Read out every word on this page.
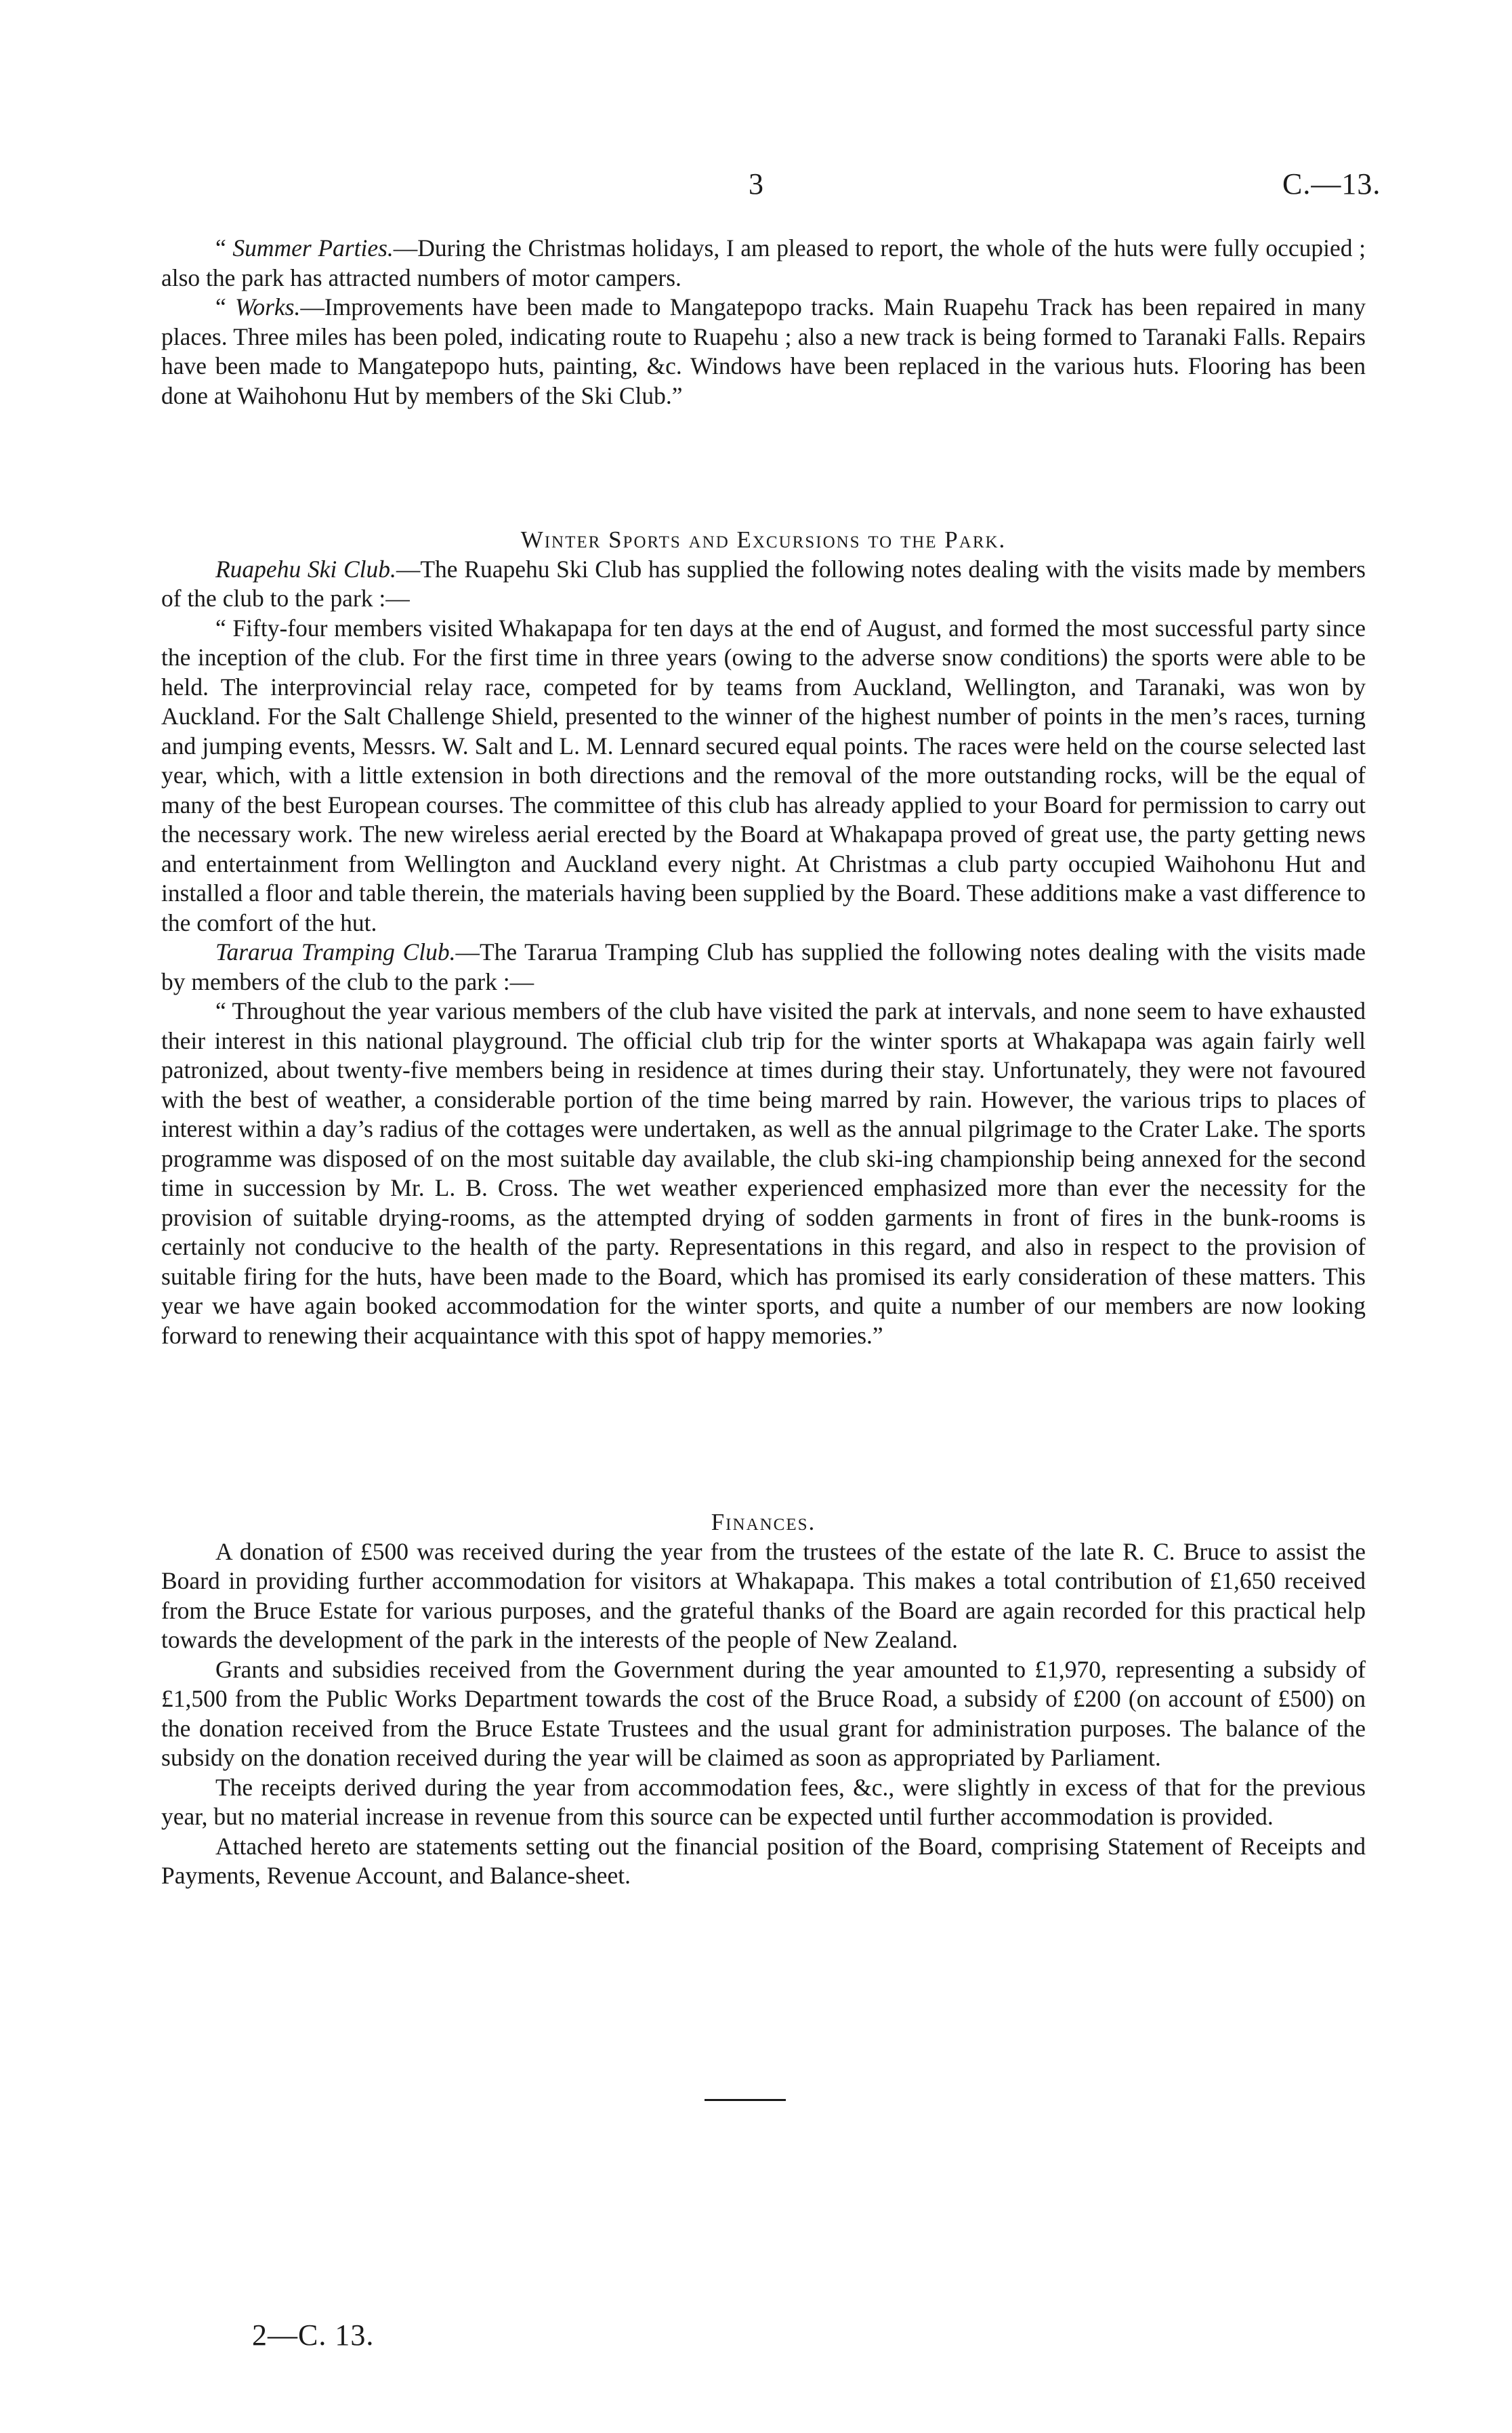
3	C.—13.

“ Summer Parties.—During the Christmas holidays, I am pleased to report, the whole of the huts were fully occupied ; also the park has attracted numbers of motor campers.

“ Works.—Improvements have been made to Mangatepopo tracks. Main Ruapehu Track has been repaired in many places. Three miles has been poled, indicating route to Ruapehu ; also a new track is being formed to Taranaki Falls. Repairs have been made to Mangatepopo huts, painting, &c. Windows have been replaced in the various huts. Flooring has been done at Waihohonu Hut by members of the Ski Club.”

Winter Sports and Excursions to the Park.

Ruapehu Ski Club.—The Ruapehu Ski Club has supplied the following notes dealing with the visits made by members of the club to the park :—

“ Fifty-four members visited Whakapapa for ten days at the end of August, and formed the most successful party since the inception of the club. For the first time in three years (owing to the adverse snow conditions) the sports were able to be held. The interprovincial relay race, competed for by teams from Auckland, Wellington, and Taranaki, was won by Auckland. For the Salt Challenge Shield, presented to the winner of the highest number of points in the men’s races, turning and jumping events, Messrs. W. Salt and L. M. Lennard secured equal points. The races were held on the course selected last year, which, with a little extension in both directions and the removal of the more outstanding rocks, will be the equal of many of the best European courses. The committee of this club has already applied to your Board for permission to carry out the necessary work. The new wireless aerial erected by the Board at Whakapapa proved of great use, the party getting news and entertainment from Wellington and Auckland every night. At Christmas a club party occupied Waihohonu Hut and installed a floor and table therein, the materials having been supplied by the Board. These additions make a vast difference to the comfort of the hut.

Tararua Tramping Club.—The Tararua Tramping Club has supplied the following notes dealing with the visits made by members of the club to the park :—

“ Throughout the year various members of the club have visited the park at intervals, and none seem to have exhausted their interest in this national playground. The official club trip for the winter sports at Whakapapa was again fairly well patronized, about twenty-five members being in residence at times during their stay. Unfortunately, they were not favoured with the best of weather, a considerable portion of the time being marred by rain. However, the various trips to places of interest within a day’s radius of the cottages were undertaken, as well as the annual pilgrimage to the Crater Lake. The sports programme was disposed of on the most suitable day available, the club ski-ing championship being annexed for the second time in succession by Mr. L. B. Cross. The wet weather experienced emphasized more than ever the necessity for the provision of suitable drying-rooms, as the attempted drying of sodden garments in front of fires in the bunk-rooms is certainly not conducive to the health of the party. Representations in this regard, and also in respect to the provision of suitable firing for the huts, have been made to the Board, which has promised its early consideration of these matters. This year we have again booked accommodation for the winter sports, and quite a number of our members are now looking forward to renewing their acquaintance with this spot of happy memories.”

Finances.

A donation of £500 was received during the year from the trustees of the estate of the late R. C. Bruce to assist the Board in providing further accommodation for visitors at Whakapapa. This makes a total contribution of £1,650 received from the Bruce Estate for various purposes, and the grateful thanks of the Board are again recorded for this practical help towards the development of the park in the interests of the people of New Zealand.

Grants and subsidies received from the Government during the year amounted to £1,970, representing a subsidy of £1,500 from the Public Works Department towards the cost of the Bruce Road, a subsidy of £200 (on account of £500) on the donation received from the Bruce Estate Trustees and the usual grant for administration purposes. The balance of the subsidy on the donation received during the year will be claimed as soon as appropriated by Parliament.

The receipts derived during the year from accommodation fees, &c., were slightly in excess of that for the previous year, but no material increase in revenue from this source can be expected until further accommodation is provided.

Attached hereto are statements setting out the financial position of the Board, comprising Statement of Receipts and Payments, Revenue Account, and Balance-sheet.

2—C. 13.
